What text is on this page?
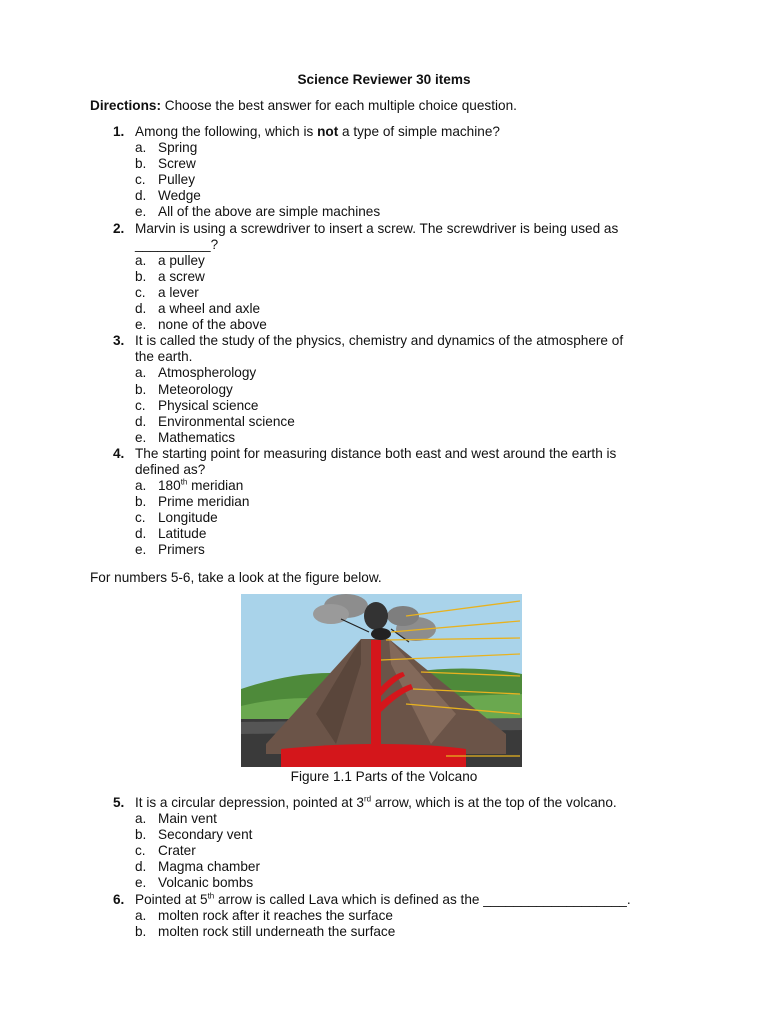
Science Reviewer 30 items
Directions: Choose the best answer for each multiple choice question.
1. Among the following, which is not a type of simple machine?
a. Spring
b. Screw
c. Pulley
d. Wedge
e. All of the above are simple machines
2. Marvin is using a screwdriver to insert a screw. The screwdriver is being used as
__________?
a. a pulley
b. a screw
c. a lever
d. a wheel and axle
e. none of the above
3. It is called the study of the physics, chemistry and dynamics of the atmosphere of
the earth.
a. Atmospherology
b. Meteorology
c. Physical science
d. Environmental science
e. Mathematics
4. The starting point for measuring distance both east and west around the earth is
defined as?
a. 180th meridian
b. Prime meridian
c. Longitude
d. Latitude
e. Primers
For numbers 5-6, take a look at the figure below.
Figure 1.1 Parts of the Volcano
5. It is a circular depression, pointed at 3rd arrow, which is at the top of the volcano.
a. Main vent
b. Secondary vent
c. Crater
d. Magma chamber
e. Volcanic bombs
6. Pointed at 5th arrow is called Lava which is defined as the ___________________.
a. molten rock after it reaches the surface
b. molten rock still underneath the surface
